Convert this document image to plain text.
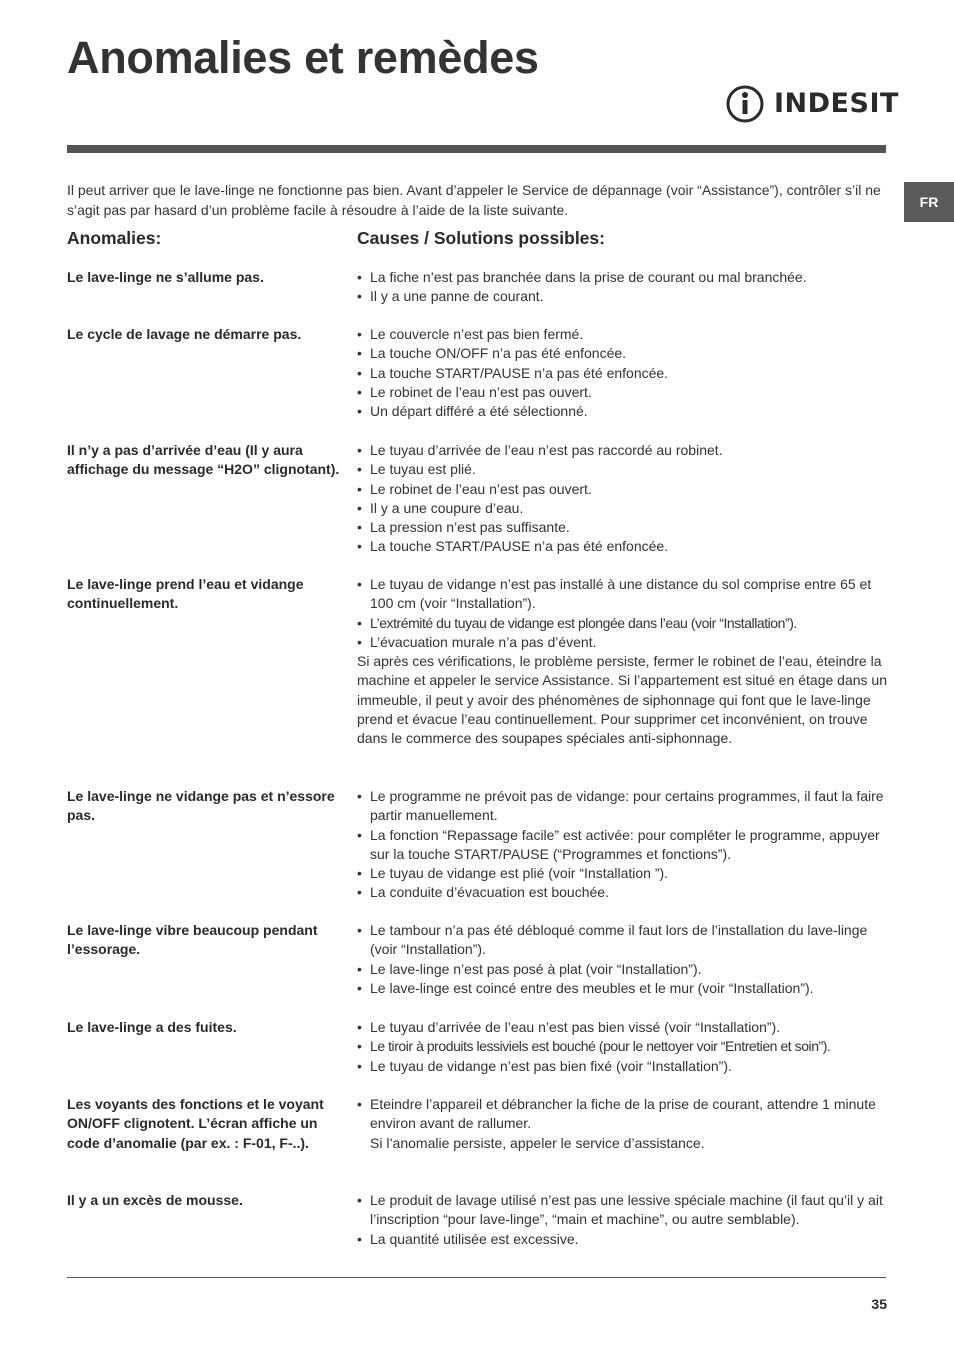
Anomalies et remèdes
INDESIT
FR

Il peut arriver que le lave-linge ne fonctionne pas bien. Avant d’appeler le Service de dépannage (voir “Assistance”), contrôler s’il ne s’agit pas par hasard d’un problème facile à résoudre à l’aide de la liste suivante.

Anomalies:	Causes / Solutions possibles:
Le lave-linge ne s’allume pas.	• La fiche n’est pas branchée dans la prise de courant ou mal branchée.
• Il y a une panne de courant.
Le cycle de lavage ne démarre pas.	• Le couvercle n’est pas bien fermé.
• La touche ON/OFF n’a pas été enfoncée.
• La touche START/PAUSE n’a pas été enfoncée.
• Le robinet de l’eau n’est pas ouvert.
• Un départ différé a été sélectionné.
Il n’y a pas d’arrivée d’eau (Il y aura affichage du message “H2O” clignotant).
• Le tuyau d’arrivée de l’eau n’est pas raccordé au robinet.
• Le tuyau est plié.
• Le robinet de l’eau n’est pas ouvert.
• Il y a une coupure d’eau.
• La pression n’est pas suffisante.
• La touche START/PAUSE n’a pas été enfoncée.
Le lave-linge prend l’eau et vidange continuellement.
• Le tuyau de vidange n’est pas installé à une distance du sol comprise entre 65 et 100 cm (voir “Installation”).
• L’extrémité du tuyau de vidange est plongée dans l’eau (voir “Installation”).
• L’évacuation murale n’a pas d’évent.
Si après ces vérifications, le problème persiste, fermer le robinet de l’eau, éteindre la machine et appeler le service Assistance. Si l’appartement est situé en étage dans un immeuble, il peut y avoir des phénomènes de siphonnage qui font que le lave-linge prend et évacue l’eau continuellement. Pour supprimer cet inconvénient, on trouve dans le commerce des soupapes spéciales anti-siphonnage.
Le lave-linge ne vidange pas et n’essore pas.
• Le programme ne prévoit pas de vidange: pour certains programmes, il faut la faire partir manuellement.
• La fonction “Repassage facile” est activée: pour compléter le programme, appuyer sur la touche START/PAUSE (“Programmes et fonctions”).
• Le tuyau de vidange est plié (voir “Installation ”).
• La conduite d’évacuation est bouchée.
Le lave-linge vibre beaucoup pendant l’essorage.
• Le tambour n’a pas été débloqué comme il faut lors de l’installation du lave-linge (voir “Installation”).
• Le lave-linge n’est pas posé à plat (voir “Installation”).
• Le lave-linge est coincé entre des meubles et le mur (voir “Installation”).
Le lave-linge a des fuites.	• Le tuyau d’arrivée de l’eau n’est pas bien vissé (voir “Installation”).
• Le tiroir à produits lessiviels est bouché (pour le nettoyer voir “Entretien et soin”).
• Le tuyau de vidange n’est pas bien fixé (voir “Installation”).
Les voyants des fonctions et le voyant ON/OFF clignotent. L’écran affiche un code d’anomalie (par ex. : F-01, F-..).
• Eteindre l’appareil et débrancher la fiche de la prise de courant, attendre 1 minute environ avant de rallumer.
Si l’anomalie persiste, appeler le service d’assistance.
Il y a un excès de mousse.	• Le produit de lavage utilisé n’est pas une lessive spéciale machine (il faut qu’il y ait l’inscription “pour lave-linge”, “main et machine”, ou autre semblable).
• La quantité utilisée est excessive.
35
